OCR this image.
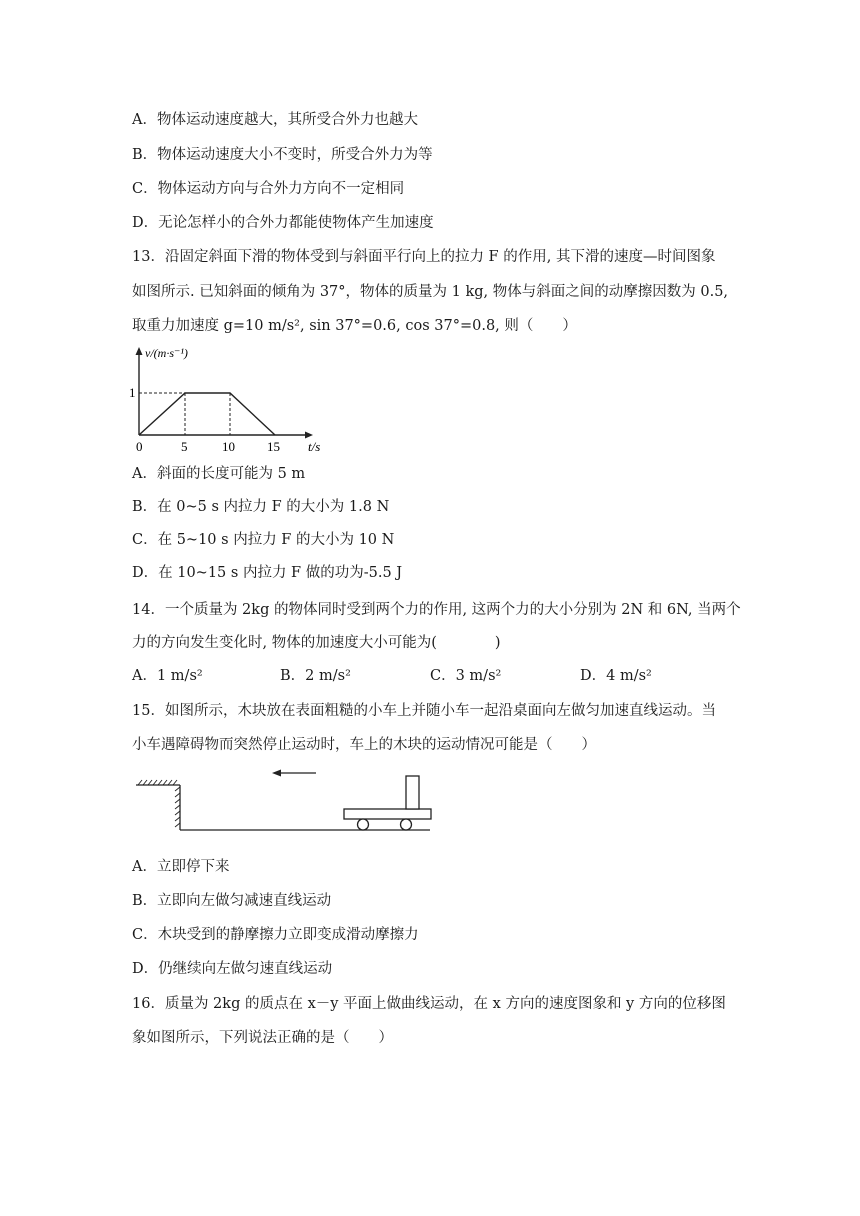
A．物体运动速度越大，其所受合外力也越大
B．物体运动速度大小不变时，所受合外力为等
C．物体运动方向与合外力方向不一定相同
D．无论怎样小的合外力都能使物体产生加速度
13．沿固定斜面下滑的物体受到与斜面平行向上的拉力 F 的作用, 其下滑的速度—时间图象
如图所示. 已知斜面的倾角为 37°，物体的质量为 1 kg, 物体与斜面之间的动摩擦因数为 0.5,
取重力加速度 g=10 m/s², sin 37°=0.6, cos 37°=0.8, 则（　　）
v/(m·s⁻¹)
1
0	5	10 15 t/s
A．斜面的长度可能为 5 m
B．在 0~5 s 内拉力 F 的大小为 1.8 N
C．在 5~10 s 内拉力 F 的大小为 10 N
D．在 10~15 s 内拉力 F 做的功为-5.5 J
14．一个质量为 2kg 的物体同时受到两个力的作用, 这两个力的大小分别为 2N 和 6N, 当两个
力的方向发生变化时, 物体的加速度大小可能为(　　　　)
A．1 m/s²	B．2 m/s²	C．3 m/s²	D．4 m/s²
15．如图所示，木块放在表面粗糙的小车上并随小车一起沿桌面向左做匀加速直线运动。当
小车遇障碍物而突然停止运动时，车上的木块的运动情况可能是（　　）
A．立即停下来
B．立即向左做匀减速直线运动
C．木块受到的静摩擦力立即变成滑动摩擦力
D．仍继续向左做匀速直线运动
16．质量为 2kg 的质点在 x－y 平面上做曲线运动，在 x 方向的速度图象和 y 方向的位移图
象如图所示，下列说法正确的是（　　）
